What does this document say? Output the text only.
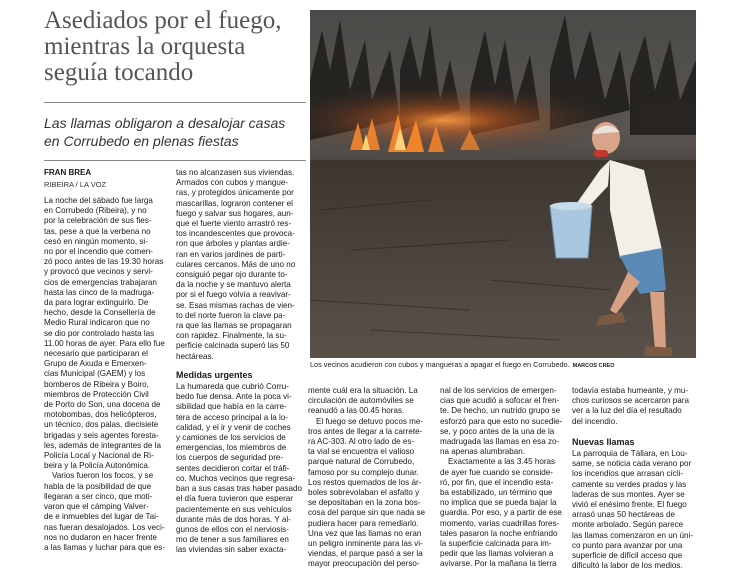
Asediados por el fuego,
mientras la orquesta
seguía tocando
Las llamas obligaron a desalojar casas
en Corrubedo en plenas fiestas
FRAN BREA
RIBEIRA / LA VOZ
Los vecinos acudieron con cubos y mangueras a apagar el fuego en Corrubedo. MARCOS CREO
La noche del sábado fue larga
en Corrubedo (Ribeira), y no
por la celebración de sus fies-
tas, pese a que la verbena no
cesó en ningún momento, si-
no por el incendio que comen-
zó poco antes de las 19.30 horas
y provocó que vecinos y servi-
cios de emergencias trabajaran
hasta las cinco de la madruga-
da para lograr extinguirlo. De
hecho, desde la Consellería de
Medio Rural indicaron que no
se dio por controlado hasta las
11.00 horas de ayer. Para ello fue
necesario que participaran el
Grupo de Axuda e Emerxen-
cias Municipal (GAEM) y los
bomberos de Ribeira y Boiro,
miembros de Protección Civil
de Porto do Son, una docena de
motobombas, dos helicópteros,
un técnico, dos palas, diecisiete
brigadas y seis agentes foresta-
les, además de integrantes de la
Policía Local y Nacional de Ri-
beira y la Policía Autonómica.
Varios fueron los focos, y se
habla de la posibilidad de que
llegaran a ser cinco, que moti-
varon que el cámping Valver-
de e inmuebles del lugar de Tai-
nas fueran desalojados. Los veci-
nos no dudaron en hacer frente
a las llamas y luchar para que es-
tas no alcanzasen sus viviendas.
Armados con cubos y mangue-
ras, y protegidos únicamente por
mascarillas, lograron contener el
fuego y salvar sus hogares, aun-
que el fuerte viento arrastró res-
tos incandescentes que provoca-
ron que árboles y plantas ardie-
ran en varios jardines de parti-
culares cercanos. Más de uno no
consiguió pegar ojo durante to-
da la noche y se mantuvo alerta
por si el fuego volvía a reavivar-
se. Esas mismas rachas de vien-
to del norte fueron la clave pa-
ra que las llamas se propagaran
con rapidez. Finalmente, la su-
perficie calcinada superó las 50
hectáreas.
Medidas urgentes
La humareda que cubrió Corru-
bedo fue densa. Ante la poca vi-
sibilidad que había en la carre-
tera de acceso principal a la lo-
calidad, y el ir y venir de coches
y camiones de los servicios de
emergencias, los miembros de
los cuerpos de seguridad pre-
sentes decidieron cortar el tráfi-
co. Muchos vecinos que regresa-
ban a sus casas tras haber pasado
el día fuera tuvieron que esperar
pacientemente en sus vehículos
durante más de dos horas. Y al-
gunos de ellos con el nerviosis-
mo de tener a sus familiares en
las viviendas sin saber exacta-
mente cuál era la situación. La
circulación de automóviles se
reanudó a las 00.45 horas.
El fuego se detuvo pocos me-
tros antes de llegar a la carrete-
ra AC-303. Al otro lado de es-
ta vial se encuentra el valioso
parque natural de Corrubedo,
famoso por su complejo dunar.
Los restos quemados de los ár-
boles sobrevolaban el asfalto y
se depositaban en la zona bos-
cosa del parque sin que nada se
pudiera hacer para remediarlo.
Una vez que las llamas no eran
un peligro inminente para las vi-
viendas, el parque pasó a ser la
mayor preocupación del perso-
nal de los servicios de emergen-
cias que acudió a sofocar el fren-
te. De hecho, un nutrido grupo se
esforzó para que esto no sucedie-
se, y poco antes de la una de la
madrugada las llamas en esa zo-
na apenas alumbraban.
Exactamente a las 3.45 horas
de ayer fue cuando se conside-
ró, por fin, que el incendio esta-
ba estabilizado, un término que
no implica que se pueda bajar la
guardia. Por eso, y a partir de ese
momento, varias cuadrillas fores-
tales pasaron la noche enfriando
la superficie calcinada para im-
pedir que las llamas volvieran a
avivarse. Por la mañana la tierra
todavía estaba humeante, y mu-
chos curiosos se acercaron para
ver a la luz del día el resultado
del incendio.
Nuevas llamas
La parroquia de Tállara, en Lou-
same, se noticia cada verano por
los incendios que arrasan cícli-
camente su verdes prados y las
laderas de sus montes. Ayer se
vivió el enésimo frente. El fuego
arrasó unas 50 hectáreas de
monte arbolado. Según parece
las llamas comenzaron en un úni-
co punto para avanzar por una
superficie de difícil acceso que
dificultó la labor de los medios.
